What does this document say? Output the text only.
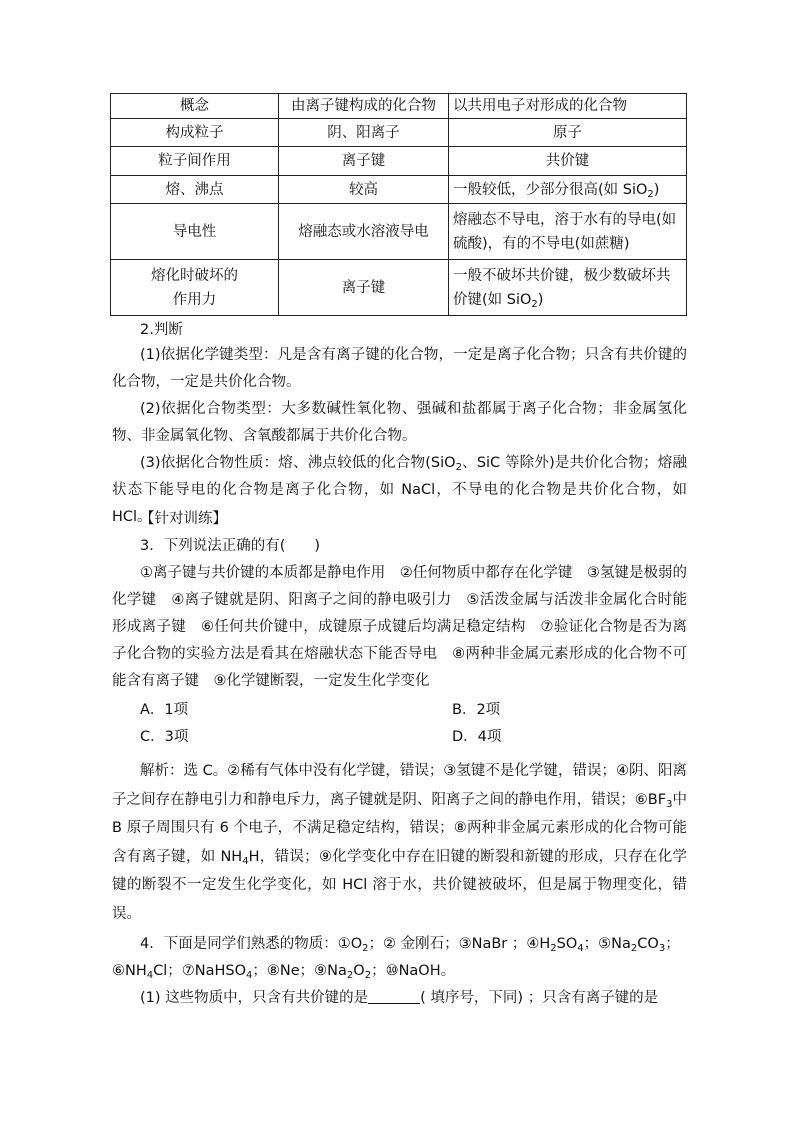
概念	由离子键构成的化合物	以共用电子对形成的化合物
构成粒子	阴、阳离子	原子
粒子间作用	离子键	共价键
熔、沸点	较高	一般较低，少部分很高(如 SiO$_2$)
导电性	熔融态或水溶液导电	熔融态不导电，溶于水有的导电(如硫酸)，有的不导电(如蔗糖)
熔化时破坏的作用力	离子键	一般不破坏共价键，极少数破坏共价键(如 SiO$_2$)
2.判断
(1)依据化学键类型：凡是含有离子键的化合物，一定是离子化合物；只含有共价键的化合物，一定是共价化合物。
(2)依据化合物类型：大多数碱性氧化物、强碱和盐都属于离子化合物；非金属氢化物、非金属氧化物、含氧酸都属于共价化合物。
(3)依据化合物性质：熔、沸点较低的化合物(SiO$_2$、SiC 等除外)是共价化合物；熔融状态下能导电的化合物是离子化合物，如 NaCl，不导电的化合物是共价化合物，如 HCl。
【针对训练】
3．下列说法正确的有(　　)
①离子键与共价键的本质都是静电作用　②任何物质中都存在化学键　③氢键是极弱的化学键　④离子键就是阴、阳离子之间的静电吸引力　⑤活泼金属与活泼非金属化合时能形成离子键　⑥任何共价键中，成键原子成键后均满足稳定结构　⑦验证化合物是否为离子化合物的实验方法是看其在熔融状态下能否导电　⑧两种非金属元素形成的化合物不可能含有离子键　⑨化学键断裂，一定发生化学变化
A．1项	B．2项
C．3项	D．4项
解析：选 C。②稀有气体中没有化学键，错误；③氢键不是化学键，错误；④阴、阳离子之间存在静电引力和静电斥力，离子键就是阴、阳离子之间的静电作用，错误；$⑥BF_3$中 B 原子周围只有 6 个电子，不满足稳定结构，错误；⑧两种非金属元素形成的化合物可能含有离子键，如 $NH_4H$，错误；⑨化学变化中存在旧键的断裂和新键的形成，只存在化学键的断裂不一定发生化学变化，如 HCl 溶于水，共价键被破坏，但是属于物理变化，错误。
4．下面是同学们熟悉的物质：$①O_2$；② 金刚石；③NaBr ；$④H_2SO_4$；$⑤Na_2CO_3$；
$⑥NH_4Cl$；⑦NaHSO$_4$；⑧Ne；$⑨Na_2O_2$；⑩NaOH。
(1) 这些物质中，只含有共价键的是	( 填序号，下同) ；只含有离子键的是
